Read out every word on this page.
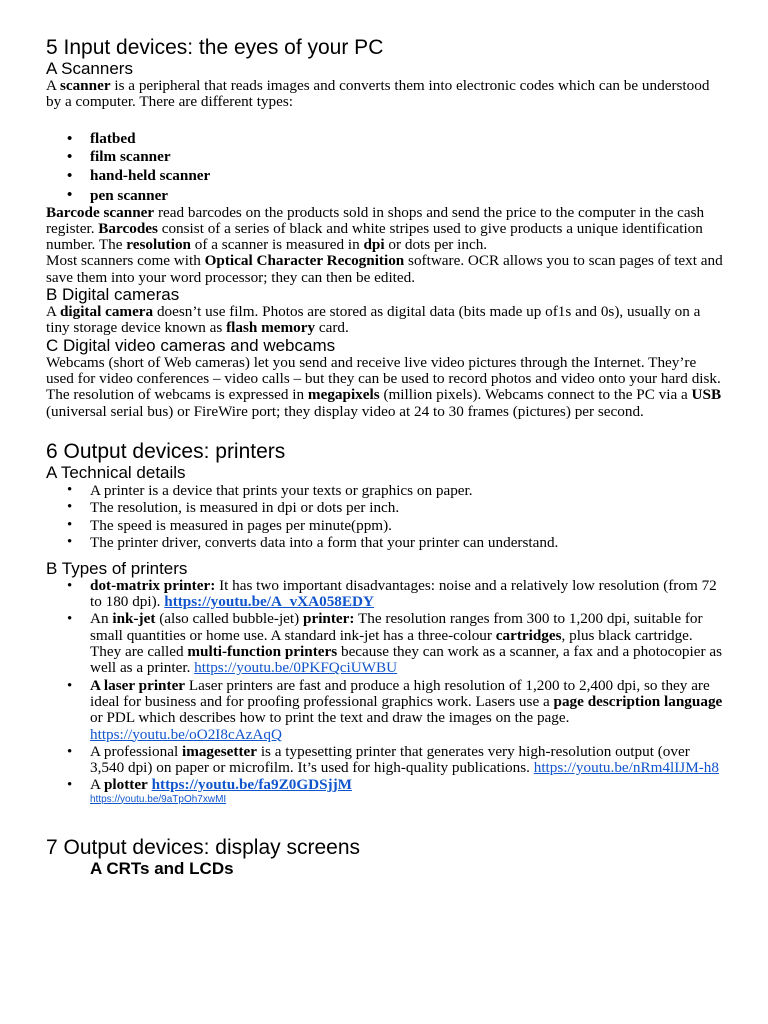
5 Input devices: the eyes of your PC
A Scanners

A scanner is a peripheral that reads images and converts them into electronic codes which can be understood by a computer. There are different types:

• flatbed
• film scanner
• hand-held scanner
• pen scanner

Barcode scanner read barcodes on the products sold in shops and send the price to the computer in the cash register. Barcodes consist of a series of black and white stripes used to give products a unique identification number. The resolution of a scanner is measured in dpi or dots per inch.

Most scanners come with Optical Character Recognition software. OCR allows you to scan pages of text and save them into your word processor; they can then be edited.

B Digital cameras

A digital camera doesn’t use film. Photos are stored as digital data (bits made up of1s and 0s), usually on a tiny storage device known as flash memory card.

C Digital video cameras and webcams

Webcams (short of Web cameras) let you send and receive live video pictures through the Internet. They’re used for video conferences – video calls – but they can be used to record photos and video onto your hard disk.

The resolution of webcams is expressed in megapixels (million pixels). Webcams connect to the PC via a USB (universal serial bus) or FireWire port; they display video at 24 to 30 frames (pictures) per second.

6 Output devices: printers
A Technical details
• A printer is a device that prints your texts or graphics on paper.
• The resolution, is measured in dpi or dots per inch.
• The speed is measured in pages per minute(ppm).
• The printer driver, converts data into a form that your printer can understand.
B Types of printers
• dot-matrix printer: It has two important disadvantages: noise and a relatively low resolution (from 72 to 180 dpi). https://youtu.be/A_vXA058EDY
• An ink-jet (also called bubble-jet) printer: The resolution ranges from 300 to 1,200 dpi, suitable for small quantities or home use. A standard ink-jet has a three-colour cartridges, plus black cartridge. They are called multi-function printers because they can work as a scanner, a fax and a photocopier as well as a printer. https://youtu.be/0PKFQciUWBU
• A laser printer Laser printers are fast and produce a high resolution of 1,200 to 2,400 dpi, so they are ideal for business and for proofing professional graphics work. Lasers use a page description language or PDL which describes how to print the text and draw the images on the page. https://youtu.be/oO2I8cAzAqQ
• A professional imagesetter is a typesetting printer that generates very high-resolution output (over 3,540 dpi) on paper or microfilm. It’s used for high-quality publications. https://youtu.be/nRm4lIJM-h8
• A plotter https://youtu.be/fa9Z0GDSjjM
https://youtu.be/9aTpOh7xwMI
7 Output devices: display screens
A CRTs and LCDs
